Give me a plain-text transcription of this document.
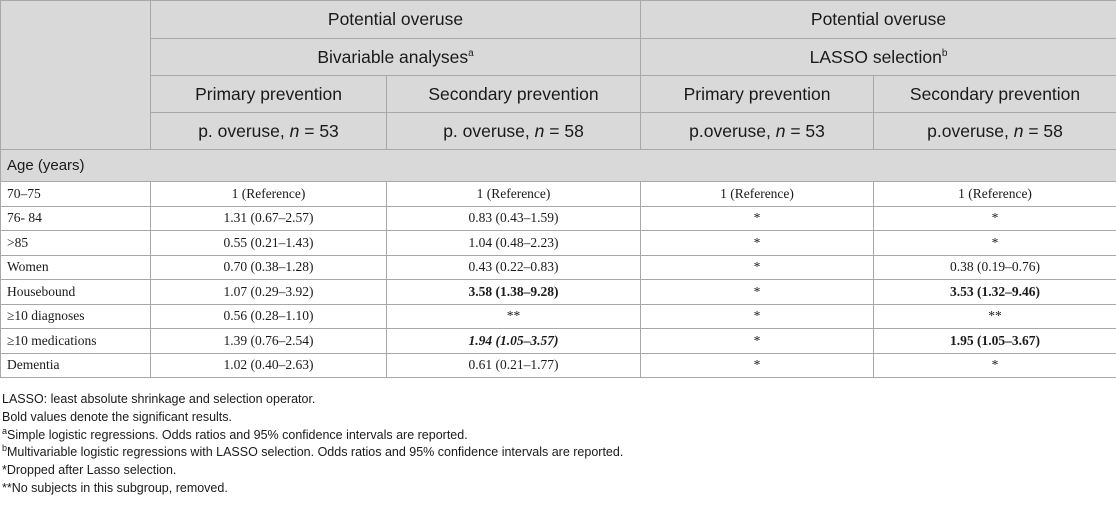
	Potential overuse		Potential overuse	
	Bivariable analyses$^a$		LASSO selection$^b$
	Primary prevention	Secondary prevention	Primary prevention	Secondary prevention
	p. overuse, n = 53	p. overuse, n = 58	p.overuse, n = 53	p.overuse, n = 58
Age (years)				
70–75	1 (Reference)	1 (Reference)	1 (Reference)	1 (Reference)
76- 84	1.31 (0.67–2.57)	0.83 (0.43–1.59)	*	*
>85	0.55 (0.21–1.43)	1.04 (0.48–2.23)	*	*
Women	0.70 (0.38–1.28)	0.43 (0.22–0.83)	*	0.38 (0.19–0.76)
Housebound	1.07 (0.29–3.92)	3.58 (1.38–9.28)	*	3.53 (1.32–9.46)
≥10 diagnoses	0.56 (0.28–1.10)	**	*	**
≥10 medications	1.39 (0.76–2.54)	1.94 (1.05–3.57)	*	1.95 (1.05–3.67)
Dementia	1.02 (0.40–2.63)	0.61 (0.21–1.77)	*	*
LASSO: least absolute shrinkage and selection operator.
Bold values denote the significant results.
$^a$Simple logistic regressions. Odds ratios and 95% confidence intervals are reported.
$^b$Multivariable logistic regressions with LASSO selection. Odds ratios and 95% confidence intervals are reported.
*Dropped after Lasso selection.
**No subjects in this subgroup, removed.
